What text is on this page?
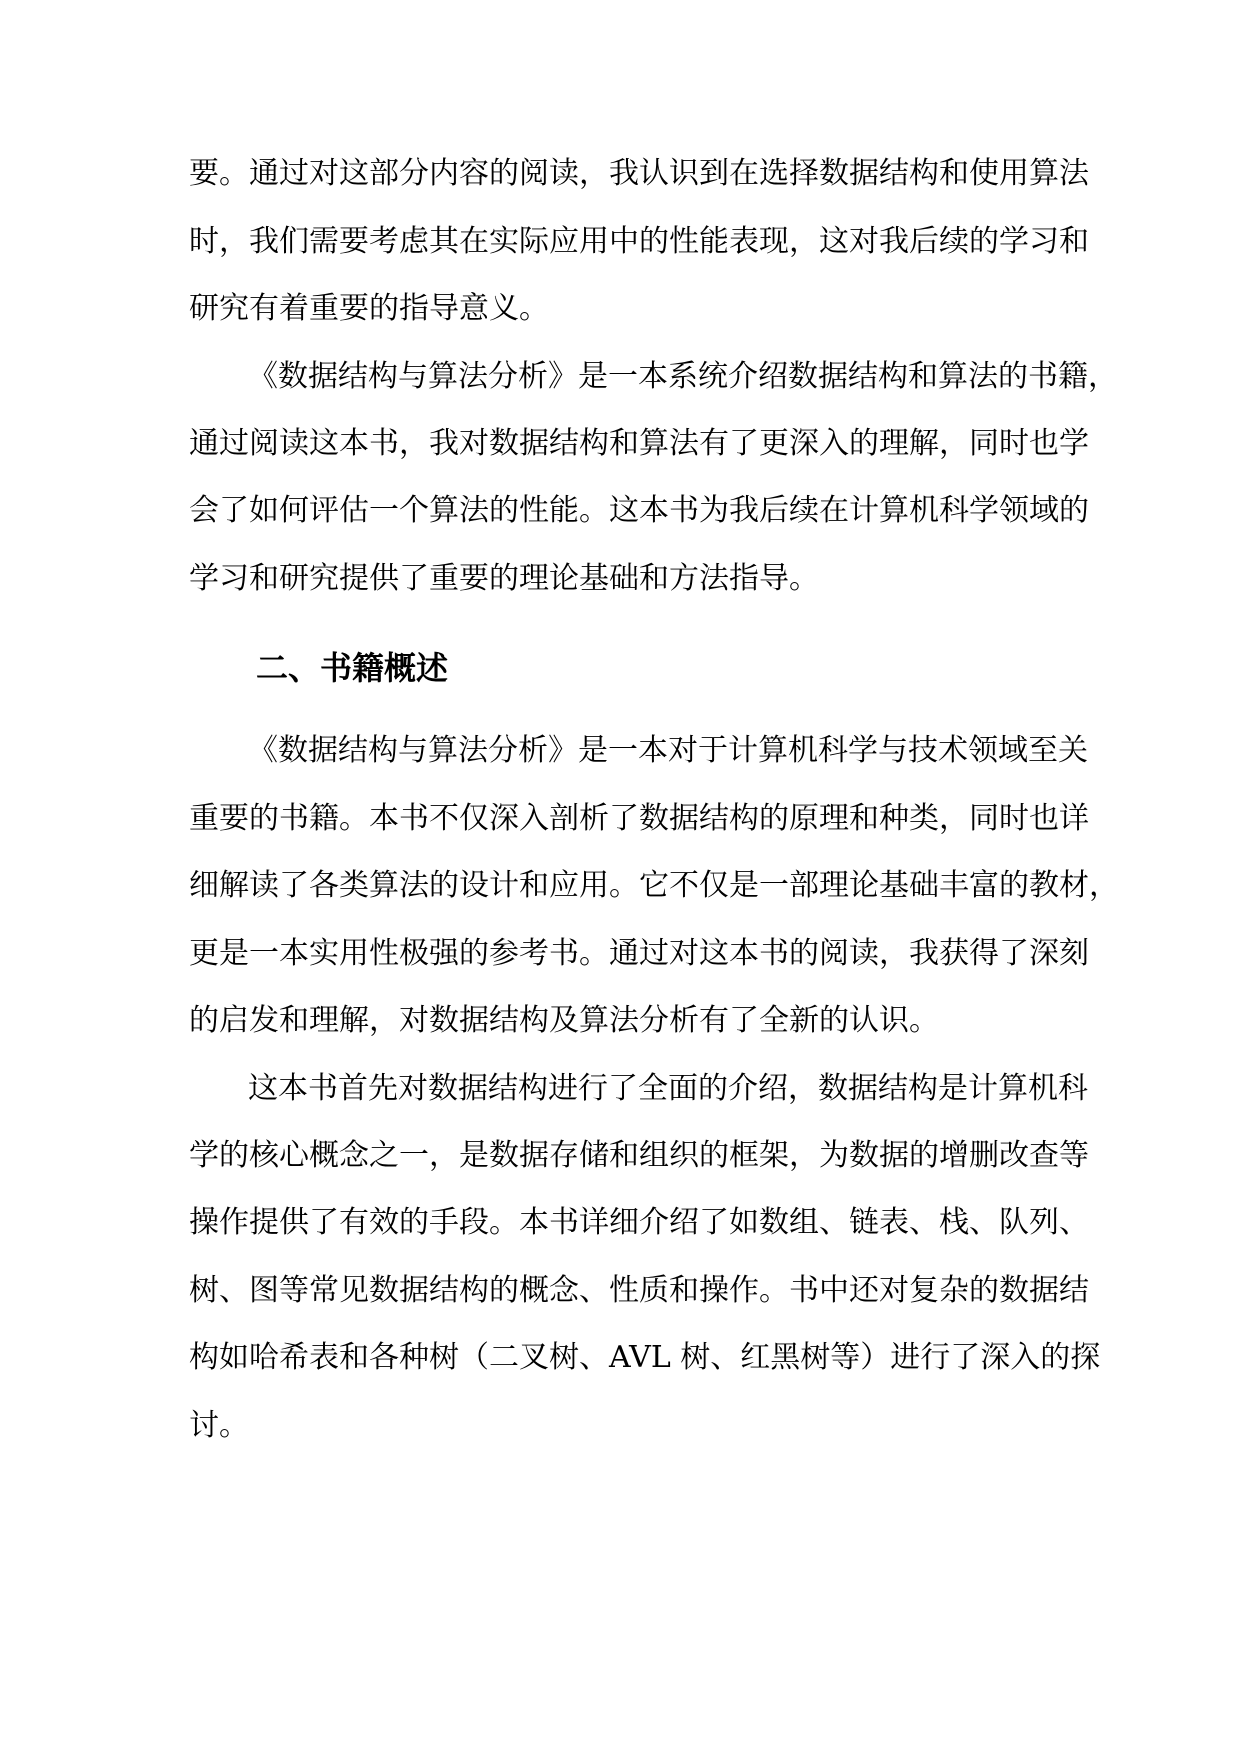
要。通过对这部分内容的阅读，我认识到在选择数据结构和使用算法
时，我们需要考虑其在实际应用中的性能表现，这对我后续的学习和
研究有着重要的指导意义。
《数据结构与算法分析》是一本系统介绍数据结构和算法的书籍，
通过阅读这本书，我对数据结构和算法有了更深入的理解，同时也学
会了如何评估一个算法的性能。这本书为我后续在计算机科学领域的
学习和研究提供了重要的理论基础和方法指导。
二、书籍概述
《数据结构与算法分析》是一本对于计算机科学与技术领域至关
重要的书籍。本书不仅深入剖析了数据结构的原理和种类，同时也详
细解读了各类算法的设计和应用。它不仅是一部理论基础丰富的教材，
更是一本实用性极强的参考书。通过对这本书的阅读，我获得了深刻
的启发和理解，对数据结构及算法分析有了全新的认识。
这本书首先对数据结构进行了全面的介绍，数据结构是计算机科
学的核心概念之一，是数据存储和组织的框架，为数据的增删改查等
操作提供了有效的手段。本书详细介绍了如数组、链表、栈、队列、
树、图等常见数据结构的概念、性质和操作。书中还对复杂的数据结
构如哈希表和各种树（二叉树、AVL 树、红黑树等）进行了深入的探
讨。
